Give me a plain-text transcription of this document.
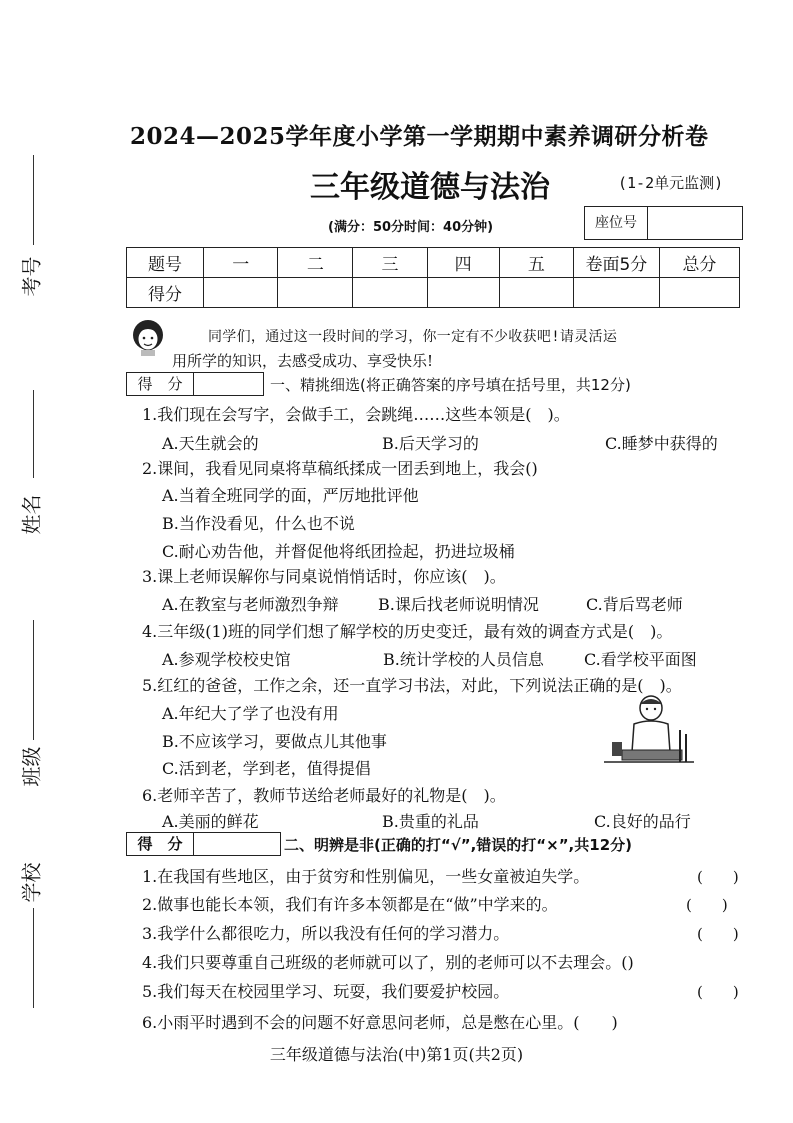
考号
姓名
班级
学校
2024—2025学年度小学第一学期期中素养调研分析卷
三年级道德与法治	(1-2单元监测)
(满分：50分时间：40分钟)	座位号
题号	一	二	三	四	五	卷面5分	总分
得分							
同学们，通过这一段时间的学习，你一定有不少收获吧!请灵活运
用所学的知识，去感受成功、享受快乐!
得　分	一、精挑细选(将正确答案的序号填在括号里，共12分)
1.我们现在会写字，会做手工，会跳绳……这些本领是(　)。
A.天生就会的	B.后天学习的	C.睡梦中获得的
2.课间，我看见同桌将草稿纸揉成一团丢到地上，我会()
A.当着全班同学的面，严厉地批评他
B.当作没看见，什么也不说
C.耐心劝告他，并督促他将纸团捡起，扔进垃圾桶
3.课上老师误解你与同桌说悄悄话时，你应该(　)。
A.在教室与老师激烈争辩 B.课后找老师说明情况	C.背后骂老师
4.三年级(1)班的同学们想了解学校的历史变迁，最有效的调查方式是(　)。
A.参观学校校史馆	B.统计学校的人员信息	C.看学校平面图
5.红红的爸爸，工作之余，还一直学习书法，对此，下列说法正确的是(　)。
A.年纪大了学了也没有用
B.不应该学习，要做点儿其他事
C.活到老，学到老，值得提倡
6.老师辛苦了，教师节送给老师最好的礼物是(　)。
A.美丽的鲜花	B.贵重的礼品	C.良好的品行
得　分	二、明辨是非(正确的打“√”,错误的打“×”,共12分)
1.在我国有些地区，由于贫穷和性别偏见，一些女童被迫失学。	(　　)
2.做事也能长本领，我们有许多本领都是在“做”中学来的。	(　　)
3.我学什么都很吃力，所以我没有任何的学习潜力。	(　　)
4.我们只要尊重自己班级的老师就可以了，别的老师可以不去理会。()
5.我们每天在校园里学习、玩耍，我们要爱护校园。	(　　)
6.小雨平时遇到不会的问题不好意思问老师，总是憋在心里。(　　)
三年级道德与法治(中)第1页(共2页)
